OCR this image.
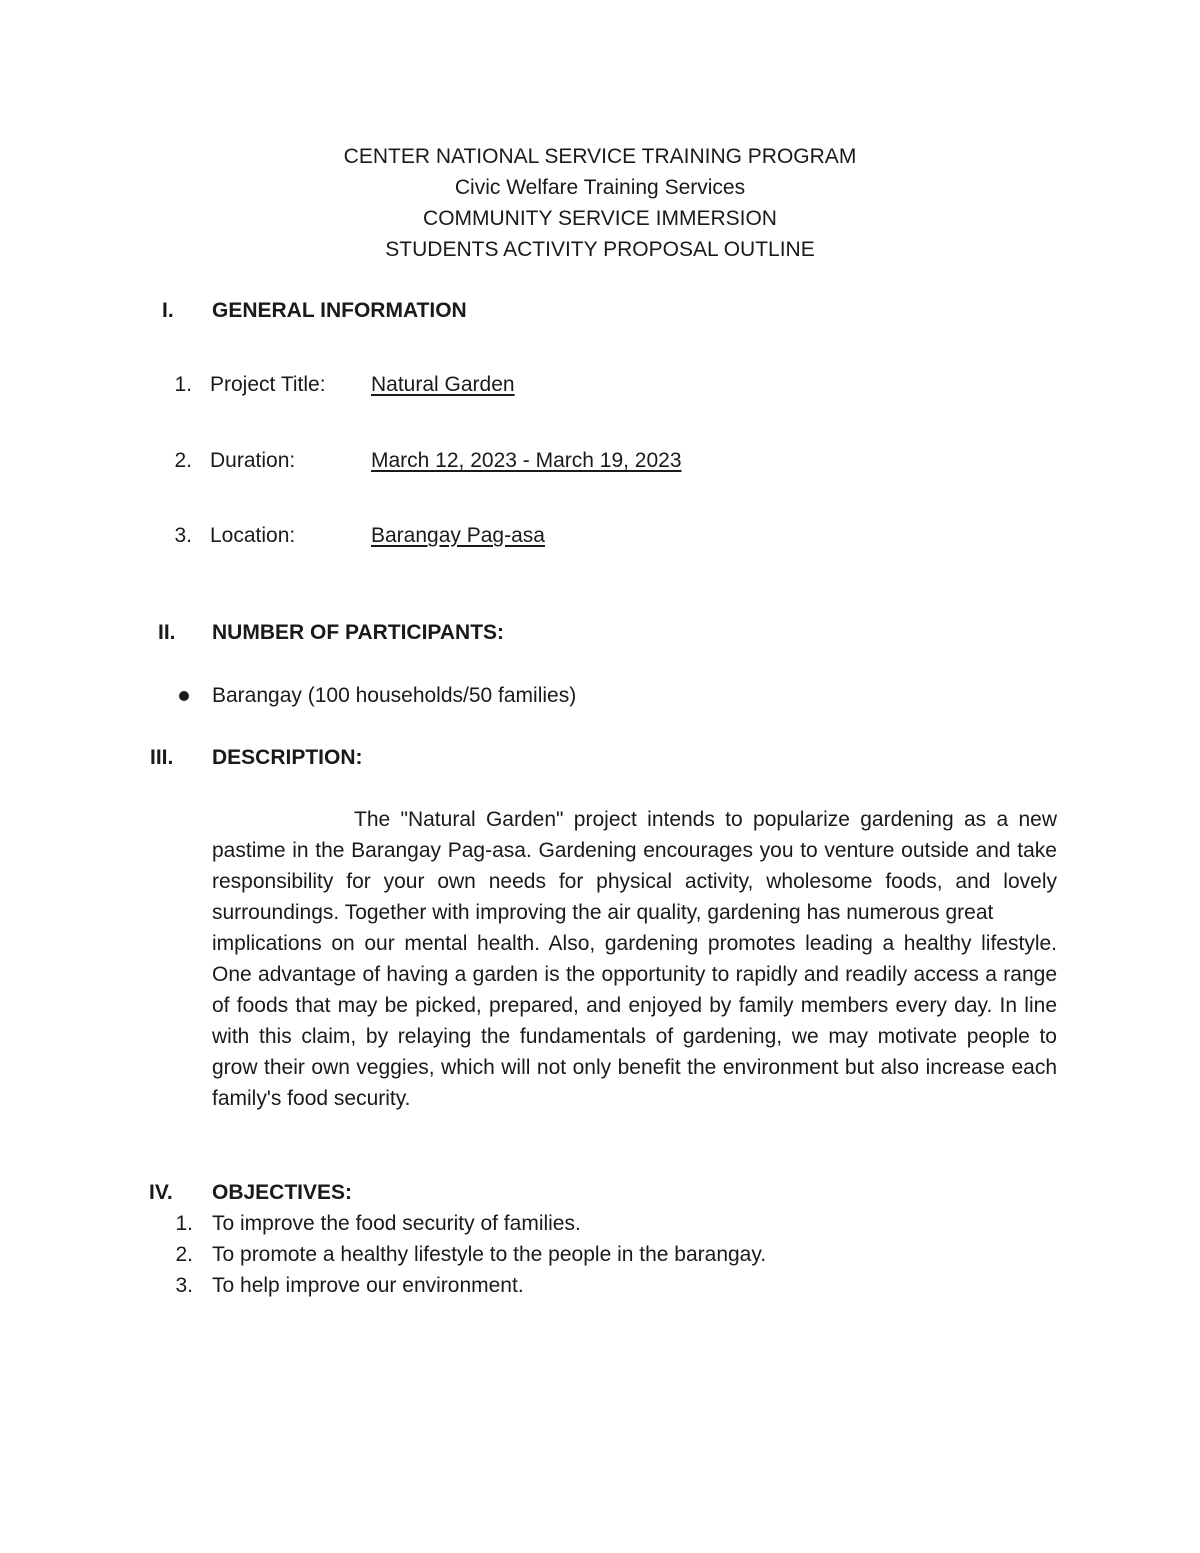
CENTER NATIONAL SERVICE TRAINING PROGRAM
Civic Welfare Training Services
COMMUNITY SERVICE IMMERSION
STUDENTS ACTIVITY PROPOSAL OUTLINE
I. GENERAL INFORMATION
1. Project Title: Natural Garden
2. Duration:	March 12, 2023 - March 19, 2023
3. Location:	Barangay Pag-asa
II. NUMBER OF PARTICIPANTS:
Barangay (100 households/50 families)
III. DESCRIPTION:

The "Natural Garden" project intends to popularize gardening as a new pastime in the Barangay Pag-asa. Gardening encourages you to venture outside and take responsibility for your own needs for physical activity, wholesome foods, and lovely surroundings. Together with improving the air quality, gardening has numerous great

implications on our mental health. Also, gardening promotes leading a healthy lifestyle. One advantage of having a garden is the opportunity to rapidly and readily access a range of foods that may be picked, prepared, and enjoyed by family members every day. In line with this claim, by relaying the fundamentals of gardening, we may motivate people to grow their own veggies, which will not only benefit the environment but also increase each family's food security.

IV. OBJECTIVES:
1. To improve the food security of families.
2. To promote a healthy lifestyle to the people in the barangay.
3. To help improve our environment.
